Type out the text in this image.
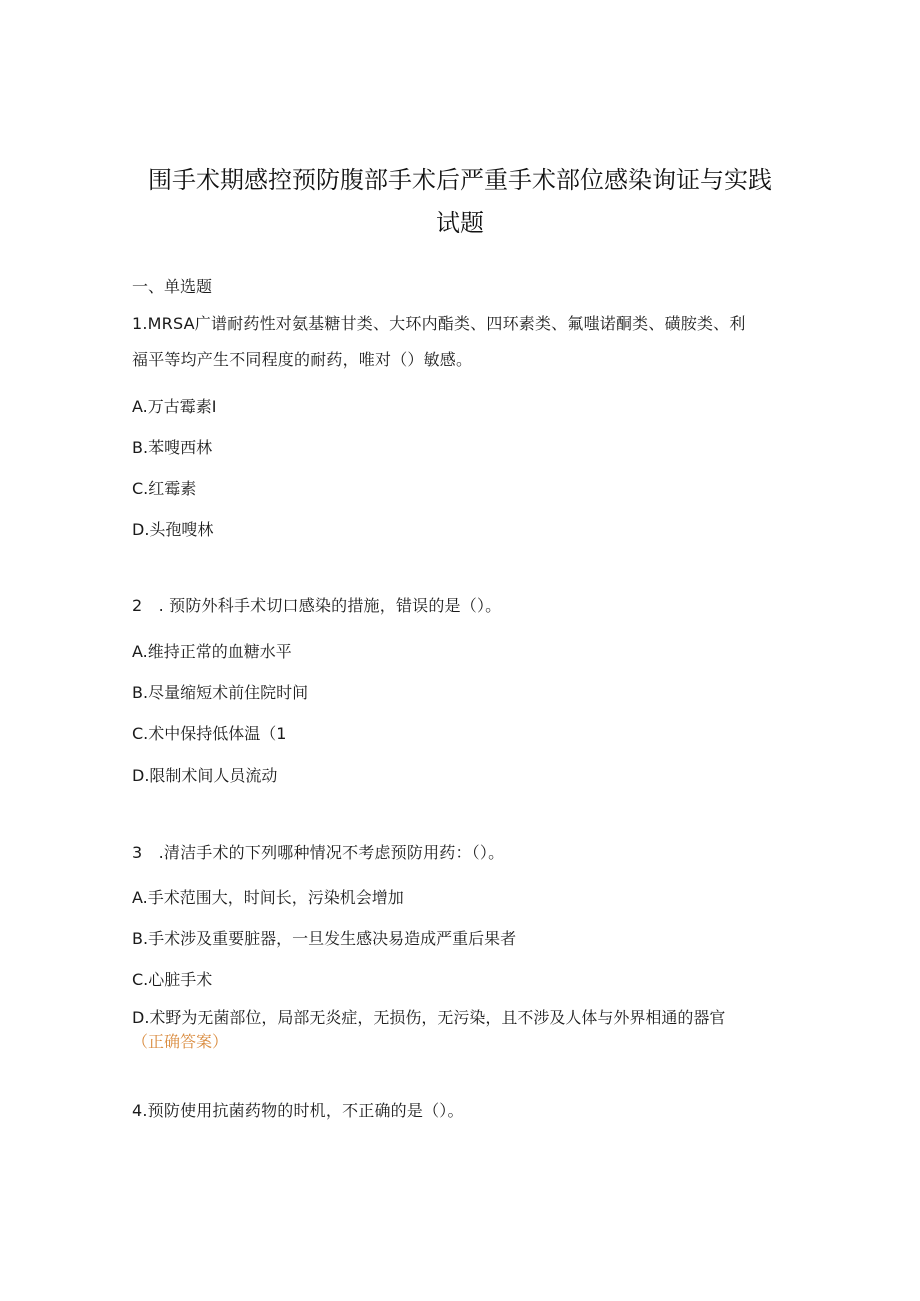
围手术期感控预防腹部手术后严重手术部位感染询证与实践
试题
一、单选题
1.MRSA广谱耐药性对氨基糖甘类、大环内酯类、四环素类、氟嗤诺酮类、磺胺类、利
福平等均产生不同程度的耐药，唯对（）敏感。
A.万古霉素I
B.苯嗖西林
C.红霉素
D.头孢嗖林
2　. 预防外科手术切口感染的措施，错误的是（）。
A.维持正常的血糖水平
B.尽量缩短术前住院时间
C.术中保持低体温（1
D.限制术间人员流动
3　.清洁手术的下列哪种情况不考虑预防用药：（）。
A.手术范围大，时间长，污染机会增加
B.手术涉及重要脏器，一旦发生感决易造成严重后果者
C.心脏手术
D.术野为无菌部位，局部无炎症，无损伤，无污染，且不涉及人体与外界相通的器官
（正确答案）
4.预防使用抗菌药物的时机，不正确的是（）。
